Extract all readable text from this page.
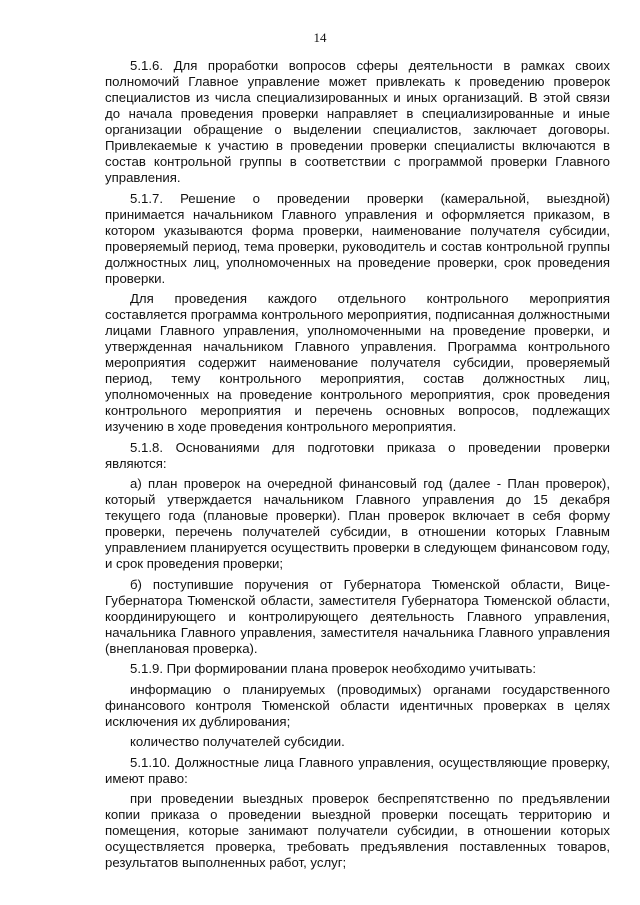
14

5.1.6. Для проработки вопросов сферы деятельности в рамках своих полномочий Главное управление может привлекать к проведению проверок специалистов из числа специализированных и иных организаций. В этой связи до начала проведения проверки направляет в специализированные и иные организации обращение о выделении специалистов, заключает договоры. Привлекаемые к участию в проведении проверки специалисты включаются в состав контрольной группы в соответствии с программой проверки Главного управления.

5.1.7. Решение о проведении проверки (камеральной, выездной) принимается начальником Главного управления и оформляется приказом, в котором указываются форма проверки, наименование получателя субсидии, проверяемый период, тема проверки, руководитель и состав контрольной группы должностных лиц, уполномоченных на проведение проверки, срок проведения проверки.

Для проведения каждого отдельного контрольного мероприятия составляется программа контрольного мероприятия, подписанная должностными лицами Главного управления, уполномоченными на проведение проверки, и утвержденная начальником Главного управления. Программа контрольного мероприятия содержит наименование получателя субсидии, проверяемый период, тему контрольного мероприятия, состав должностных лиц, уполномоченных на проведение контрольного мероприятия, срок проведения контрольного мероприятия и перечень основных вопросов, подлежащих изучению в ходе проведения контрольного мероприятия.

5.1.8. Основаниями для подготовки приказа о проведении проверки являются:

а) план проверок на очередной финансовый год (далее - План проверок), который утверждается начальником Главного управления до 15 декабря текущего года (плановые проверки). План проверок включает в себя форму проверки, перечень получателей субсидии, в отношении которых Главным управлением планируется осуществить проверки в следующем финансовом году, и срок проведения проверки;

б) поступившие поручения от Губернатора Тюменской области, Вице-Губернатора Тюменской области, заместителя Губернатора Тюменской области, координирующего и контролирующего деятельность Главного управления, начальника Главного управления, заместителя начальника Главного управления (внеплановая проверка).

5.1.9. При формировании плана проверок необходимо учитывать:

информацию о планируемых (проводимых) органами государственного финансового контроля Тюменской области идентичных проверках в целях исключения их дублирования;

количество получателей субсидии.

5.1.10. Должностные лица Главного управления, осуществляющие проверку, имеют право:

при проведении выездных проверок беспрепятственно по предъявлении копии приказа о проведении выездной проверки посещать территорию и помещения, которые занимают получатели субсидии, в отношении которых осуществляется проверка, требовать предъявления поставленных товаров, результатов выполненных работ, услуг;
